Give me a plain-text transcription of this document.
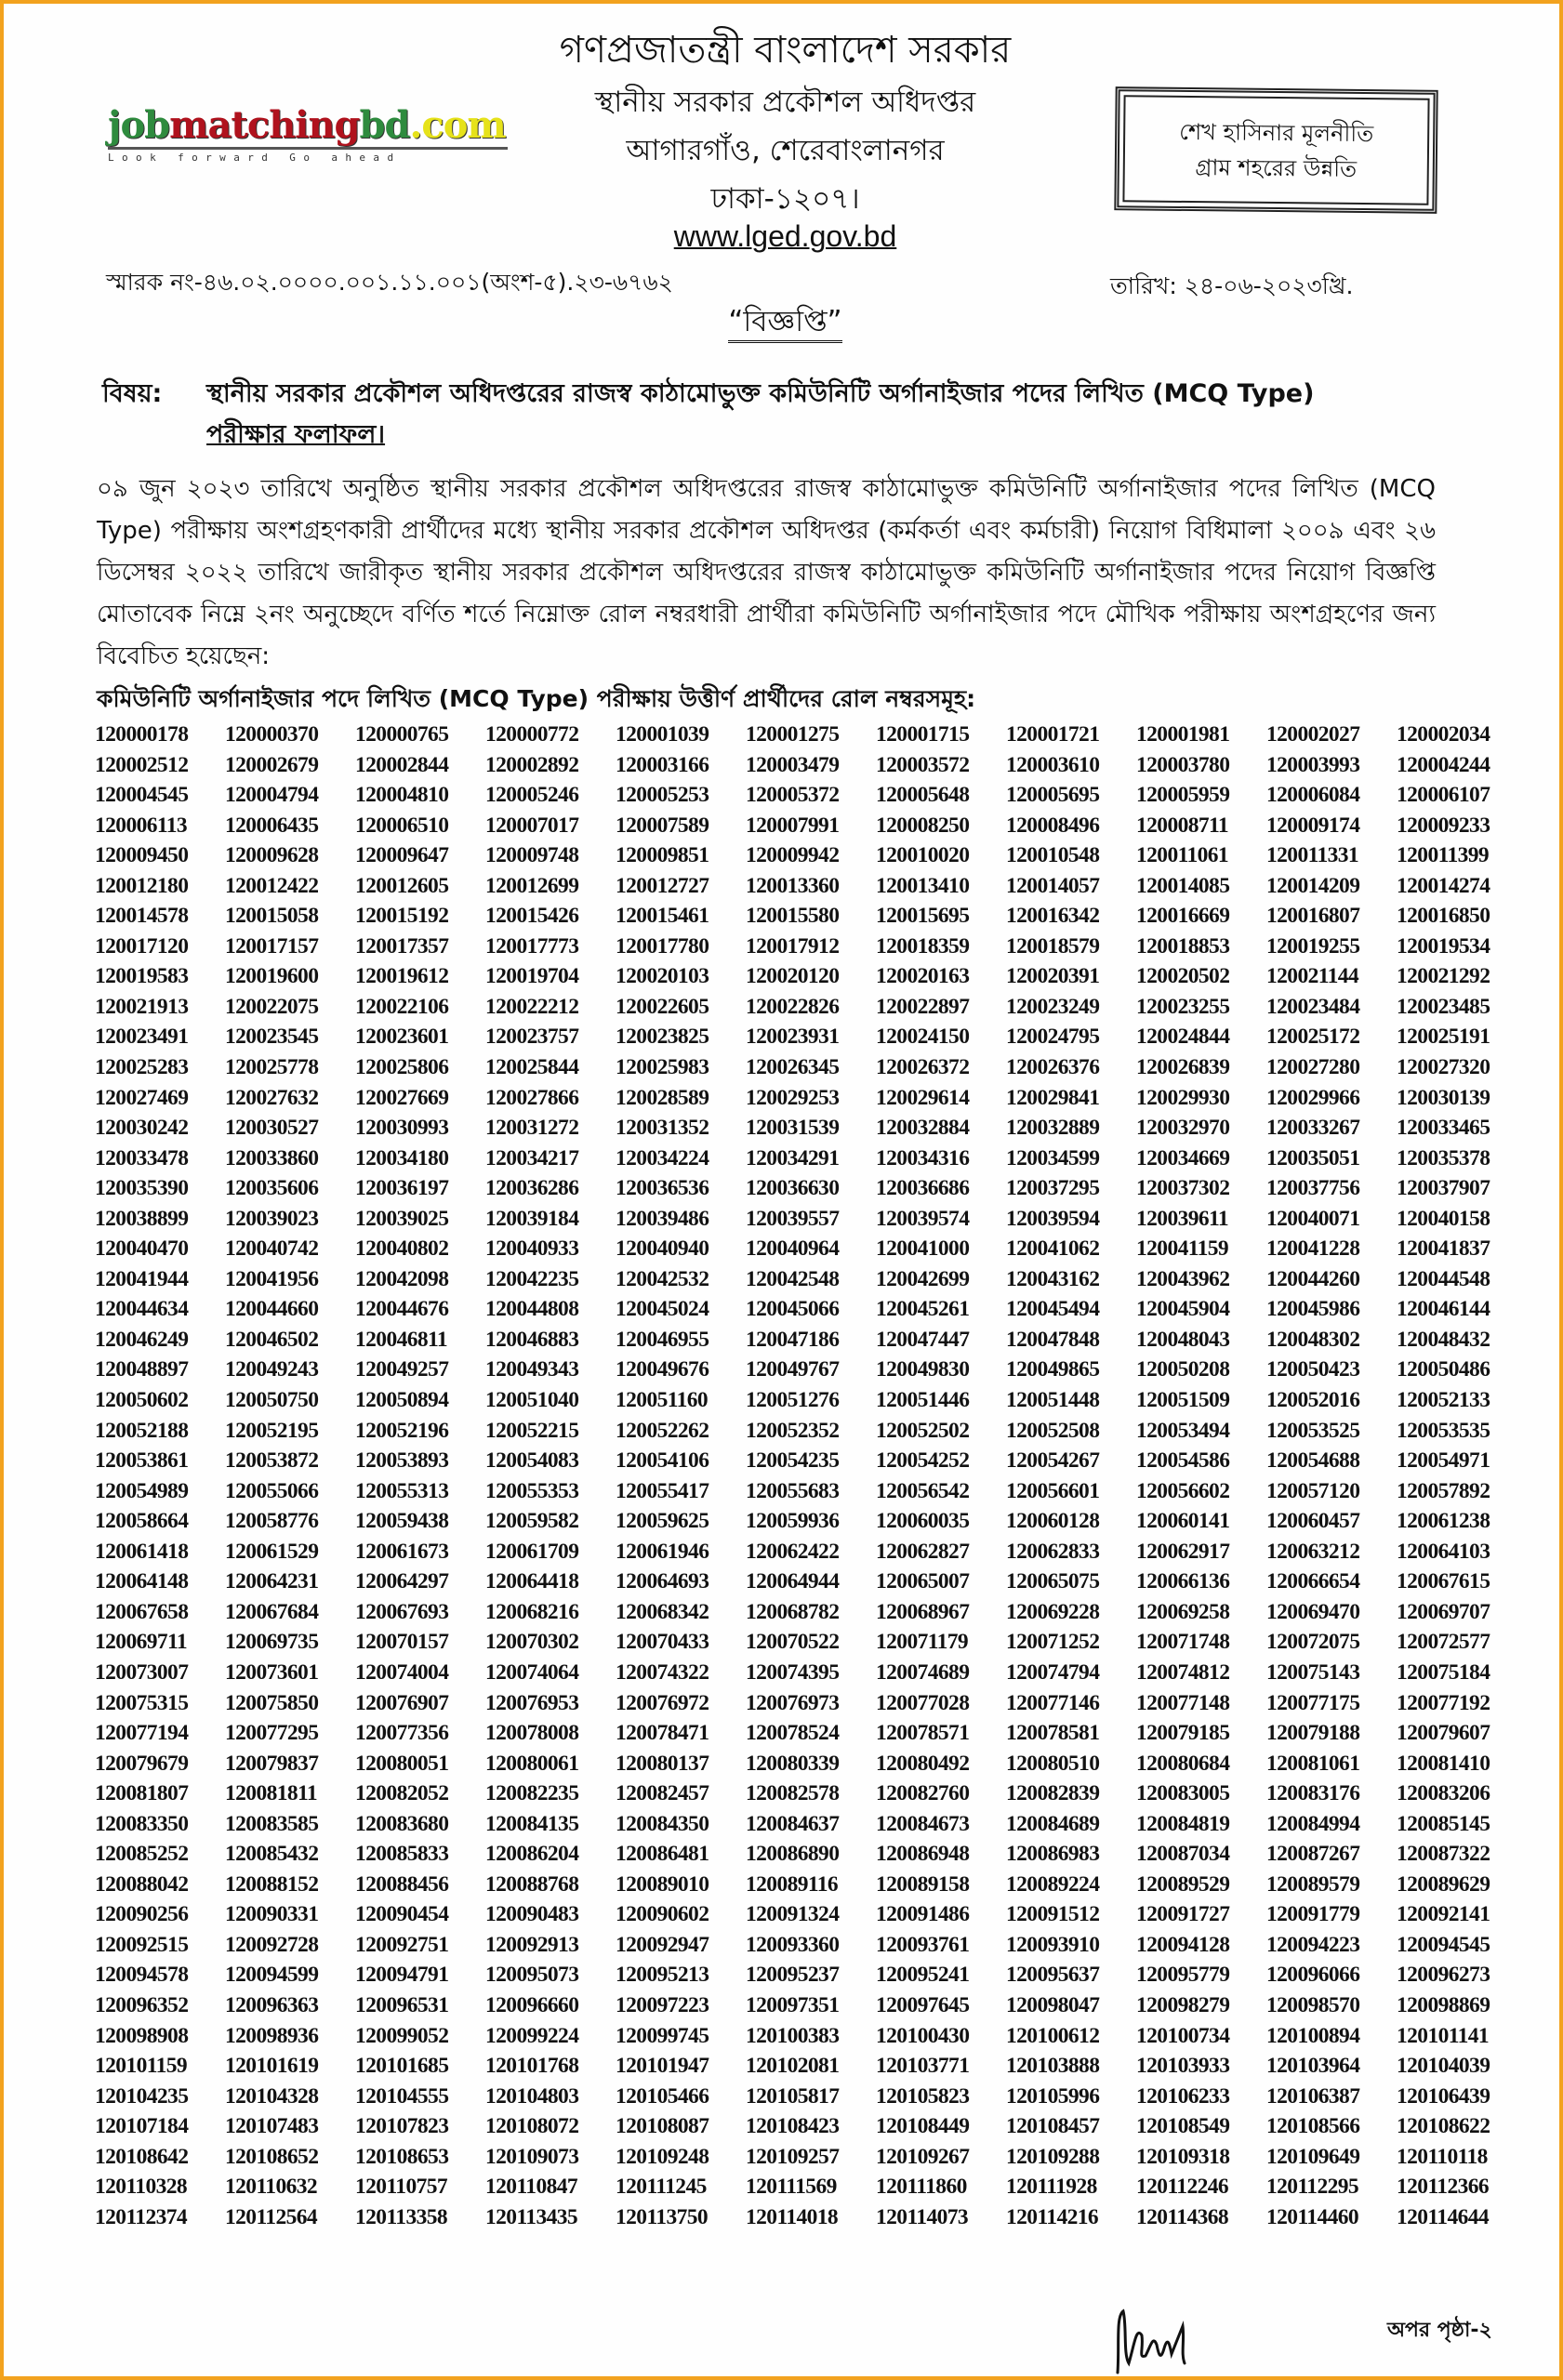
jobmatchingbd.com
Look forward Go ahead
গণপ্রজাতন্ত্রী বাংলাদেশ সরকার
স্থানীয় সরকার প্রকৌশল অধিদপ্তর
আগারগাঁও, শেরেবাংলানগর
ঢাকা-১২০৭।
www.lged.gov.bd
শেখ হাসিনার মূলনীতি
গ্রাম শহরের উন্নতি
স্মারক নং-৪৬.০২.০০০০.০০১.১১.০০১(অংশ-৫).২৩-৬৭৬২	তারিখ: ২৪-০৬-২০২৩খ্রি.
“বিজ্ঞপ্তি”
বিষয়: স্থানীয় সরকার প্রকৌশল অধিদপ্তরের রাজস্ব কাঠামোভুক্ত কমিউনিটি অর্গানাইজার পদের লিখিত (MCQ Type)
পরীক্ষার ফলাফল।
০৯ জুন ২০২৩ তারিখে অনুষ্ঠিত স্থানীয় সরকার প্রকৌশল অধিদপ্তরের রাজস্ব কাঠামোভুক্ত কমিউনিটি অর্গানাইজার পদের লিখিত (MCQ Type) পরীক্ষায় অংশগ্রহণকারী প্রার্থীদের মধ্যে স্থানীয় সরকার প্রকৌশল অধিদপ্তর (কর্মকর্তা এবং কর্মচারী) নিয়োগ বিধিমালা ২০০৯ এবং ২৬ ডিসেম্বর ২০২২ তারিখে জারীকৃত স্থানীয় সরকার প্রকৌশল অধিদপ্তরের রাজস্ব কাঠামোভুক্ত কমিউনিটি অর্গানাইজার পদের নিয়োগ বিজ্ঞপ্তি মোতাবেক নিম্নে ২নং অনুচ্ছেদে বর্ণিত শর্তে নিম্নোক্ত রোল নম্বরধারী প্রার্থীরা কমিউনিটি অর্গানাইজার পদে মৌখিক পরীক্ষায় অংশগ্রহণের জন্য বিবেচিত হয়েছেন:
কমিউনিটি অর্গানাইজার পদে লিখিত (MCQ Type) পরীক্ষায় উত্তীর্ণ প্রার্থীদের রোল নম্বরসমূহ:
120000178	120000370	120000765	120000772	120001039	120001275	120001715	120001721	120001981	120002027	120002034
120002512	120002679	120002844	120002892	120003166	120003479	120003572	120003610	120003780	120003993	120004244
120004545	120004794	120004810	120005246	120005253	120005372	120005648	120005695	120005959	120006084	120006107
120006113	120006435	120006510	120007017	120007589	120007991	120008250	120008496	120008711	120009174	120009233
120009450	120009628	120009647	120009748	120009851	120009942	120010020	120010548	120011061	120011331	120011399
120012180	120012422	120012605	120012699	120012727	120013360	120013410	120014057	120014085	120014209	120014274
120014578	120015058	120015192	120015426	120015461	120015580	120015695	120016342	120016669	120016807	120016850
120017120	120017157	120017357	120017773	120017780	120017912	120018359	120018579	120018853	120019255	120019534
120019583	120019600	120019612	120019704	120020103	120020120	120020163	120020391	120020502	120021144	120021292
120021913	120022075	120022106	120022212	120022605	120022826	120022897	120023249	120023255	120023484	120023485
120023491	120023545	120023601	120023757	120023825	120023931	120024150	120024795	120024844	120025172	120025191
120025283	120025778	120025806	120025844	120025983	120026345	120026372	120026376	120026839	120027280	120027320
120027469	120027632	120027669	120027866	120028589	120029253	120029614	120029841	120029930	120029966	120030139
120030242	120030527	120030993	120031272	120031352	120031539	120032884	120032889	120032970	120033267	120033465
120033478	120033860	120034180	120034217	120034224	120034291	120034316	120034599	120034669	120035051	120035378
120035390	120035606	120036197	120036286	120036536	120036630	120036686	120037295	120037302	120037756	120037907
120038899	120039023	120039025	120039184	120039486	120039557	120039574	120039594	120039611	120040071	120040158
120040470	120040742	120040802	120040933	120040940	120040964	120041000	120041062	120041159	120041228	120041837
120041944	120041956	120042098	120042235	120042532	120042548	120042699	120043162	120043962	120044260	120044548
120044634	120044660	120044676	120044808	120045024	120045066	120045261	120045494	120045904	120045986	120046144
120046249	120046502	120046811	120046883	120046955	120047186	120047447	120047848	120048043	120048302	120048432
120048897	120049243	120049257	120049343	120049676	120049767	120049830	120049865	120050208	120050423	120050486
120050602	120050750	120050894	120051040	120051160	120051276	120051446	120051448	120051509	120052016	120052133
120052188	120052195	120052196	120052215	120052262	120052352	120052502	120052508	120053494	120053525	120053535
120053861	120053872	120053893	120054083	120054106	120054235	120054252	120054267	120054586	120054688	120054971
120054989	120055066	120055313	120055353	120055417	120055683	120056542	120056601	120056602	120057120	120057892
120058664	120058776	120059438	120059582	120059625	120059936	120060035	120060128	120060141	120060457	120061238
120061418	120061529	120061673	120061709	120061946	120062422	120062827	120062833	120062917	120063212	120064103
120064148	120064231	120064297	120064418	120064693	120064944	120065007	120065075	120066136	120066654	120067615
120067658	120067684	120067693	120068216	120068342	120068782	120068967	120069228	120069258	120069470	120069707
120069711	120069735	120070157	120070302	120070433	120070522	120071179	120071252	120071748	120072075	120072577
120073007	120073601	120074004	120074064	120074322	120074395	120074689	120074794	120074812	120075143	120075184
120075315	120075850	120076907	120076953	120076972	120076973	120077028	120077146	120077148	120077175	120077192
120077194	120077295	120077356	120078008	120078471	120078524	120078571	120078581	120079185	120079188	120079607
120079679	120079837	120080051	120080061	120080137	120080339	120080492	120080510	120080684	120081061	120081410
120081807	120081811	120082052	120082235	120082457	120082578	120082760	120082839	120083005	120083176	120083206
120083350	120083585	120083680	120084135	120084350	120084637	120084673	120084689	120084819	120084994	120085145
120085252	120085432	120085833	120086204	120086481	120086890	120086948	120086983	120087034	120087267	120087322
120088042	120088152	120088456	120088768	120089010	120089116	120089158	120089224	120089529	120089579	120089629
120090256	120090331	120090454	120090483	120090602	120091324	120091486	120091512	120091727	120091779	120092141
120092515	120092728	120092751	120092913	120092947	120093360	120093761	120093910	120094128	120094223	120094545
120094578	120094599	120094791	120095073	120095213	120095237	120095241	120095637	120095779	120096066	120096273
120096352	120096363	120096531	120096660	120097223	120097351	120097645	120098047	120098279	120098570	120098869
120098908	120098936	120099052	120099224	120099745	120100383	120100430	120100612	120100734	120100894	120101141
120101159	120101619	120101685	120101768	120101947	120102081	120103771	120103888	120103933	120103964	120104039
120104235	120104328	120104555	120104803	120105466	120105817	120105823	120105996	120106233	120106387	120106439
120107184	120107483	120107823	120108072	120108087	120108423	120108449	120108457	120108549	120108566	120108622
120108642	120108652	120108653	120109073	120109248	120109257	120109267	120109288	120109318	120109649	120110118
120110328	120110632	120110757	120110847	120111245	120111569	120111860	120111928	120112246	120112295	120112366
120112374	120112564	120113358	120113435	120113750	120114018	120114073	120114216	120114368	120114460	120114644
অপর পৃষ্ঠা-২
